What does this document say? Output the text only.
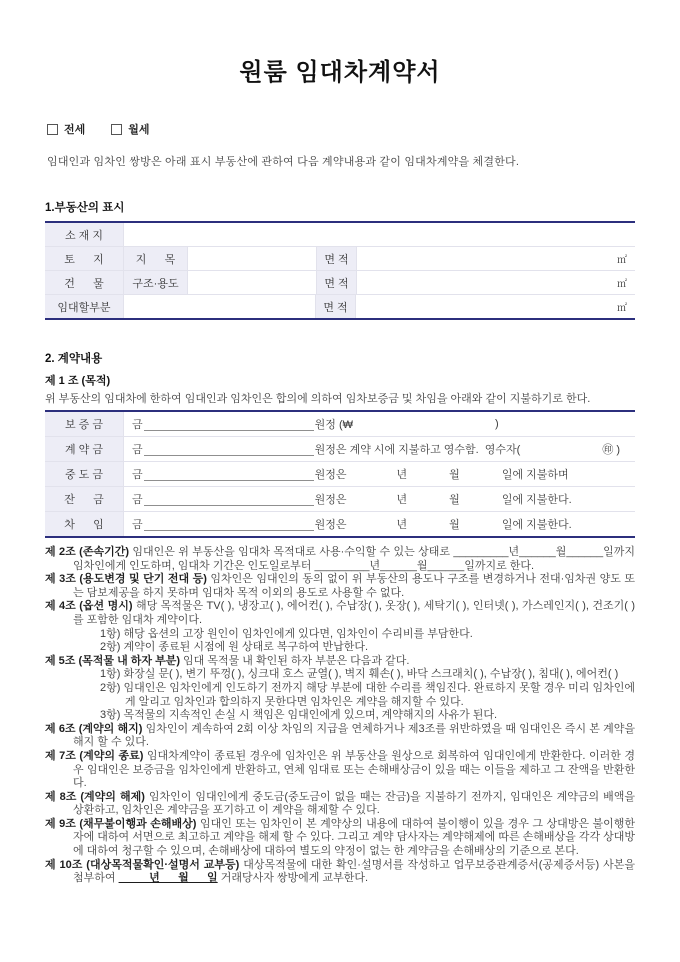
원룸 임대차계약서
전세	월세
임대인과 임차인 쌍방은 아래 표시 부동산에 관하여 다음 계약내용과 같이 임대차계약을 체결한다.
1.부동산의 표시
소 재 지
토      지	지      목	면 적	㎡
건      물	구조·용도	면 적	㎡
임대할부분	면 적	㎡
2. 계약내용
제 1 조 (목적)
위 부동산의 임대차에 한하여 임대인과 임차인은 합의에 의하여 임차보증금 및 차임을 아래와 같이 지불하기로 한다.
보 증 금	금	원정 (₩	)
계 약 금	금	원정은 계약 시에 지불하고 영수함.  영수자(	㊞ )
중 도 금	금	원정은	년	월	일에 지불하며
잔      금	금	원정은	년	월	일에 지불한다.
차      임	금	원정은	년	월	일에 지불한다.
제 2조 (존속기간) 임대인은 위 부동산을 임대차 목적대로 사용·수익할 수 있는 상태로 _________년______월______일까지 임차인에게 인도하며, 임대차 기간은 인도일로부터 _________년______월______일까지로 한다.
제 3조 (용도변경 및 단기 전대 등) 임차인은 임대인의 동의 없이 위 부동산의 용도나 구조를 변경하거나 전대·임차권 양도 또는 담보제공을 하지 못하며 임대차 목적 이외의 용도로 사용할 수 없다.
제 4조 (옵션 명시) 해당 목적물은 TV( ), 냉장고( ), 에어컨( ), 수납장( ), 옷장( ), 세탁기( ), 인터넷( ), 가스레인지( ), 건조기( )를 포함한 임대차 계약이다.
1항) 해당 옵션의 고장 원인이 임차인에게 있다면, 임차인이 수리비를 부담한다.
2항) 계약이 종료된 시점에 원 상태로 복구하여 반납한다.
제 5조 (목적물 내 하자 부분) 임대 목적물 내 확인된 하자 부분은 다음과 같다.
1항) 화장실 문( ), 변기 뚜껑( ), 싱크대 호스 균열( ), 벽지 훼손( ), 바닥 스크래치( ), 수납장( ), 침대( ), 에어컨( )
2항) 임대인은 임차인에게 인도하기 전까지 해당 부분에 대한 수리를 책임진다. 완료하지 못할 경우 미리 임차인에게 알리고 임차인과 합의하지 못한다면 임차인은 계약을 해지할 수 있다.
3항) 목적물의 지속적인 손실 시 책임은 임대인에게 있으며, 계약해지의 사유가 된다.
제 6조 (계약의 해지) 임차인이 계속하여 2회 이상 차임의 지급을 연체하거나 제3조를 위반하였을 때 임대인은 즉시 본 계약을 해지 할 수 있다.
제 7조 (계약의 종료) 임대차계약이 종료된 경우에 임차인은 위 부동산을 원상으로 회복하여 임대인에게 반환한다. 이러한 경우 임대인은 보증금을 임차인에게 반환하고, 연체 임대료 또는 손해배상금이 있을 때는 이들을 제하고 그 잔액을 반환한다.
제 8조 (계약의 해제) 임차인이 임대인에게 중도금(중도금이 없을 때는 잔금)을 지불하기 전까지, 임대인은 계약금의 배액을 상환하고, 임차인은 계약금을 포기하고 이 계약을 해제할 수 있다.
제 9조 (채무불이행과 손해배상) 임대인 또는 임차인이 본 계약상의 내용에 대하여 불이행이 있을 경우 그 상대방은 불이행한 자에 대하여 서면으로 최고하고 계약을 해제 할 수 있다. 그리고 계약 담사자는 계약해제에 따른 손해배상을 각각 상대방에 대하여 청구할 수 있으며, 손해배상에 대하여 별도의 약정이 없는 한 계약금을 손해배상의 기준으로 본다.
제 10조 (대상목적물확인·설명서 교부등) 대상목적물에 대한 확인·설명서를 작성하고 업무보증관계증서(공제증서등) 사본을 첨부하여           년      월      일 거래당사자 쌍방에게 교부한다.
